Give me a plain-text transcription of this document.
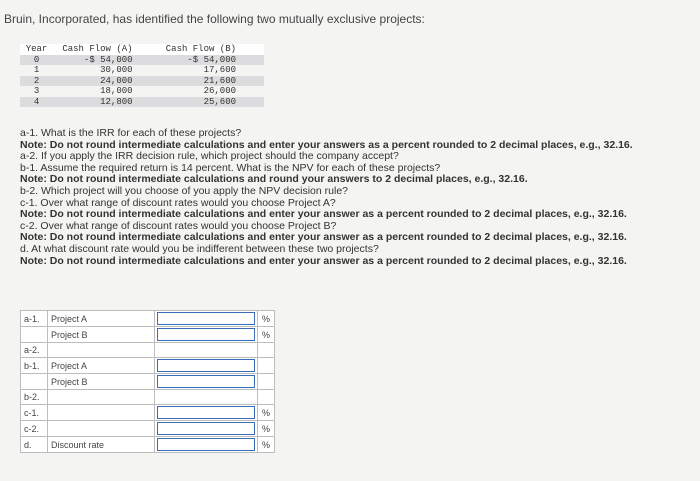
Bruin, Incorporated, has identified the following two mutually exclusive projects:
Year	Cash Flow (A)	Cash Flow (B)
0	-$ 54,000	-$ 54,000
1	30,000	17,600
2	24,000	21,600
3	18,000	26,000
4	12,800	25,600

a-1. What is the IRR for each of these projects?

Note: Do not round intermediate calculations and enter your answers as a percent rounded to 2 decimal places, e.g., 32.16.

a-2. If you apply the IRR decision rule, which project should the company accept?

b-1. Assume the required return is 14 percent. What is the NPV for each of these projects?

Note: Do not round intermediate calculations and round your answers to 2 decimal places, e.g., 32.16.

b-2. Which project will you choose of you apply the NPV decision rule?

c-1. Over what range of discount rates would you choose Project A?

Note: Do not round intermediate calculations and enter your answer as a percent rounded to 2 decimal places, e.g., 32.16.

c-2. Over what range of discount rates would you choose Project B?

Note: Do not round intermediate calculations and enter your answer as a percent rounded to 2 decimal places, e.g., 32.16.

d. At what discount rate would you be indifferent between these two projects?

Note: Do not round intermediate calculations and enter your answer as a percent rounded to 2 decimal places, e.g., 32.16.

a-1.	Project A		%
	Project B		%
a-2.			
b-1.	Project A	

	Project B	

b-2.			
c-1.			%
c-2.			%
d.	Discount rate		%
